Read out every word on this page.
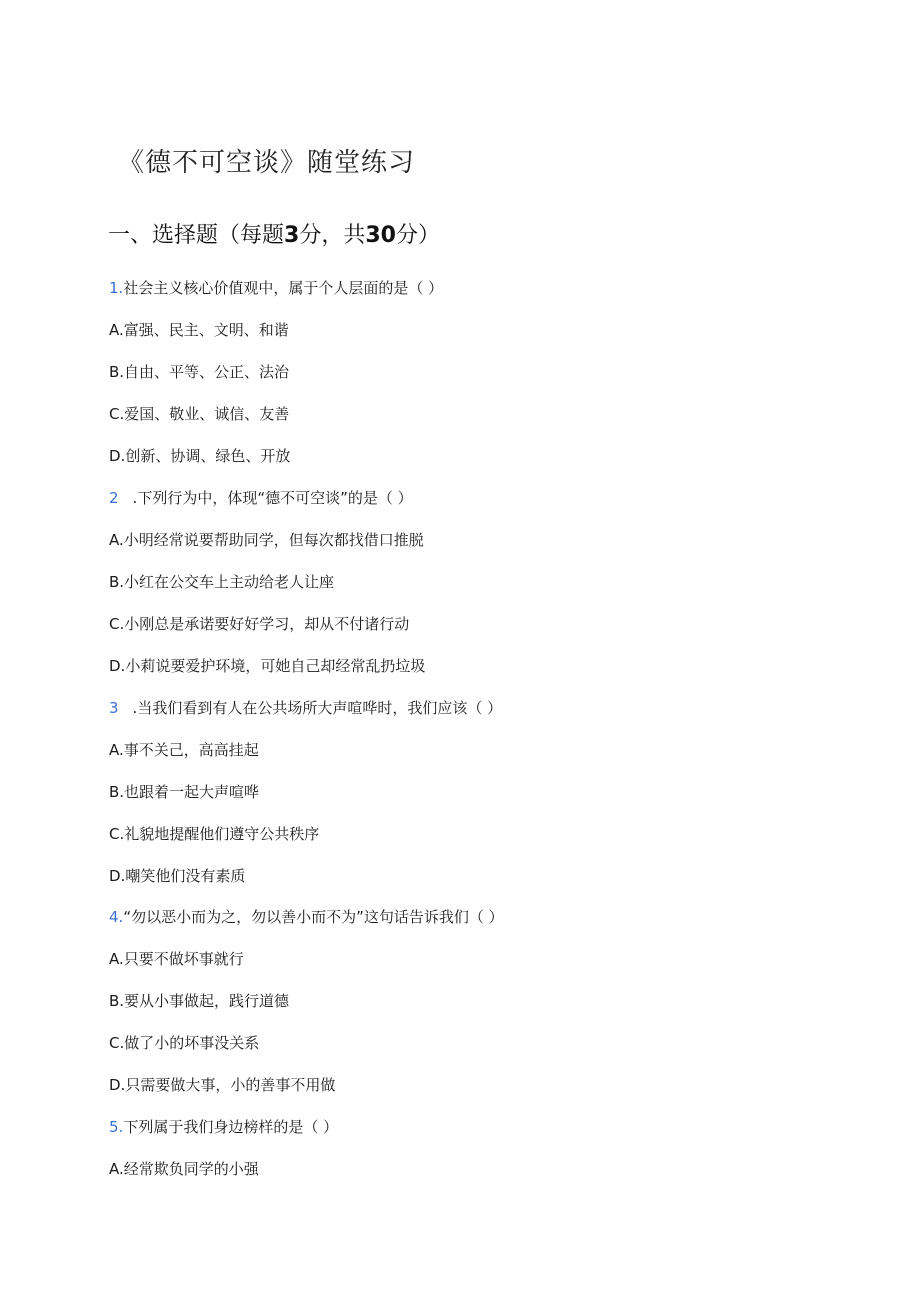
《德不可空谈》随堂练习
一、选择题（每题3分，共30分）
1.社会主义核心价值观中，属于个人层面的是（ ）
A.富强、民主、文明、和谐
B.自由、平等、公正、法治
C.爱国、敬业、诚信、友善
D.创新、协调、绿色、开放
2 .下列行为中，体现“德不可空谈”的是（ ）
A.小明经常说要帮助同学，但每次都找借口推脱
B.小红在公交车上主动给老人让座
C.小刚总是承诺要好好学习，却从不付诸行动
D.小莉说要爱护环境，可她自己却经常乱扔垃圾
3 .当我们看到有人在公共场所大声喧哗时，我们应该（ ）
A.事不关己，高高挂起
B.也跟着一起大声喧哗
C.礼貌地提醒他们遵守公共秩序
D.嘲笑他们没有素质
4.“勿以恶小而为之，勿以善小而不为”这句话告诉我们（ ）
A.只要不做坏事就行
B.要从小事做起，践行道德
C.做了小的坏事没关系
D.只需要做大事，小的善事不用做
5.下列属于我们身边榜样的是（ ）
A.经常欺负同学的小强
